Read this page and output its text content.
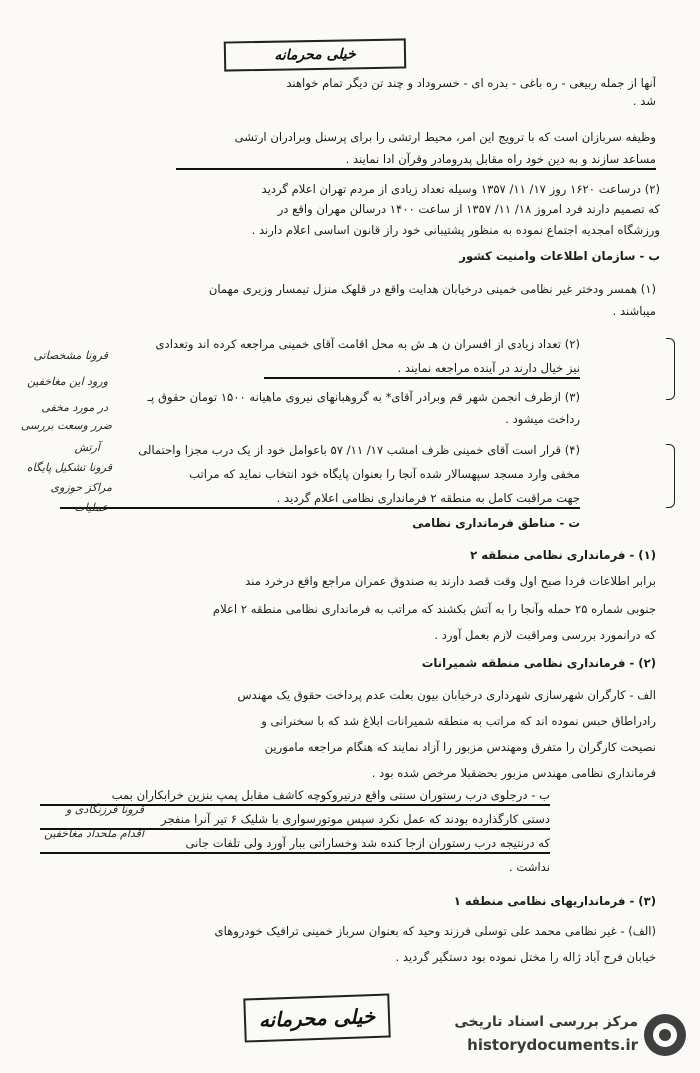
خیلی محرمانه
آنها از جمله ربیعی - ره باغی - بدره ای - خسروداد و چند تن دیگر تمام خواهند
شد .
وظیفه سربازان است که با ترویج این امر، محیط ارتشی را برای پرسنل وبرادران ارتشی
مساعد سازند و به دین خود راه مقابل پدرومادر وقرآن ادا نمایند .
(۲) درساعت ۱۶۲۰ روز ۱۷/ ۱۱/ ۱۳۵۷ وسیله تعداد زیادی از مردم تهران اعلام گردید
که تصمیم دارند فرد امروز ۱۸/ ۱۱/ ۱۳۵۷ از ساعت ۱۴۰۰ درسالن مهران واقع در
ورزشگاه امجدیه اجتماع نموده به منظور پشتیبانی خود راز قانون اساسی اعلام دارند .
ب - سازمان اطلاعات وامنیت کشور
(۱) همسر ودختر غیر نظامی خمینی درخیابان هدایت واقع در قلهک منزل تیمسار وزیری مهمان
میباشند .
(۲) تعداد زیادی از افسران ن هـ ش به محل اقامت آقای خمینی مراجعه کرده اند وتعدادی
نیز خیال دارند در آینده مراجعه نمایند .
(۳) ازطرف انجمن شهر قم وبرادر آقای* به گروهبانهای نیروی ماهیانه ۱۵۰۰ تومان حقوق پـ
رداخت میشود .
(۴) قرار است آقای خمینی ظرف امشب ۱۷/ ۱۱/ ۵۷ باعوامل خود از یک درب مجزا واحتمالی
مخفی وارد مسجد سپهسالار شده آنجا را بعنوان پایگاه خود انتخاب نماید که مراتب
جهت مراقبت کامل به منطقه ۲ فرمانداری نظامی اعلام گردید .
ت - مناطق فرمانداری نظامی
(۱) - فرمانداری نظامی منطقه ۲
برابر اطلاعات فردا صبح اول وقت قصد دارند به صندوق عمران مراجع واقع درخرد مند
جنوبی شماره ۲۵ حمله وآنجا را به آتش بکشند که مراتب به فرمانداری نظامی منطقه ۲ اعلام
که درانمورد بررسی ومراقبت لازم بعمل آورد .
(۲) - فرمانداری نظامی منطقه شمیرانات
الف - کارگران شهرسازی شهرداری درخیابان بیون بعلت عدم پرداخت حقوق یک مهندس
رادراطاق حبس نموده اند که مراتب به منطقه شمیرانات ابلاغ شد که با سخنرانی و
نصیحت کارگران را متفرق ومهندس مزبور را آزاد نمایند که هنگام مراجعه مامورین
فرمانداری نظامی مهندس مزبور بحضقبلا مرخص شده بود .
ب - درجلوی درب رستوران سنتی واقع درنیروکوچه کاشف مقابل پمپ بنزین خرابکاران بمب
دستی کارگذارده بودند که عمل نکرد سپس موتورسواری با شلیک ۶ تیر آنرا منفجر
که درنتیجه درب رستوران ازجا کنده شد وخساراتی ببار آورد ولی تلفات جانی
نداشت .
(۳) - فرمانداریهای نظامی منطقه ۱
(الف) - غیر نظامی محمد علی توسلی فرزند وحید که بعنوان سرباز خمینی ترافیک خودروهای
خیابان فرح آباد ژاله را مختل نموده بود دستگیر گردید .
قرونا مشخصاتی
ورود این مغاخفین
در مورد مخفی
ضرر وسعت بررسی
آرتش
قرونا تشکیل پایگاه
مراکز حوزوی
عملیات
قرونا فرزنگادی و
اقدام ملحداد مغاخفین
خیلی محرمانه	مرکز بررسی اسناد تاریخی
historydocuments.ir
